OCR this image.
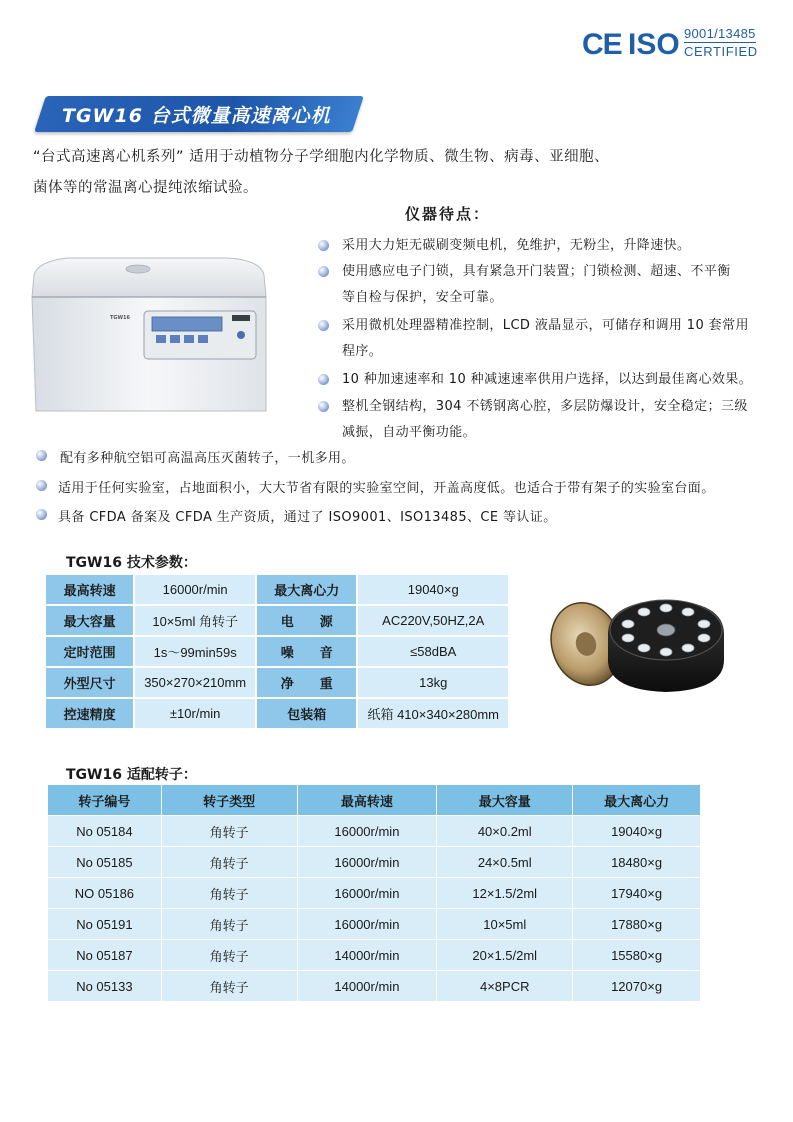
CE ISO 9001/13485
CERTIFIED
TGW16 台式微量高速离心机
“台式高速离心机系列” 适用于动植物分子学细胞内化学物质、微生物、病毒、亚细胞、
菌体等的常温离心提纯浓缩试验。
仪器待点：
TGW16
采用大力矩无碳刷变频电机，免维护，无粉尘，升降速快。
使用感应电子门锁，具有紧急开门装置；门锁检测、超速、不平衡
等自检与保护，安全可靠。
采用微机处理器精准控制，LCD 液晶显示，可储存和调用 10 套常用
程序。
10 种加速速率和 10 种减速速率供用户选择，以达到最佳离心效果。
整机全钢结构，304 不锈钢离心腔，多层防爆设计，安全稳定；三级
减振，自动平衡功能。
配有多种航空铝可高温高压灭菌转子，一机多用。
适用于任何实验室，占地面积小，大大节省有限的实验室空间，开盖高度低。也适合于带有架子的实验室台面。
具备 CFDA 备案及 CFDA 生产资质，通过了 ISO9001、ISO13485、CE 等认证。
TGW16 技术参数：
最高转速	16000r/min	最大离心力	19040×g
最大容量	10×5ml 角转子	电　　源	AC220V,50HZ,2A
定时范围	1s～99min59s	噪　　音	≤58dBA
外型尺寸	350×270×210mm	净　　重	13kg
控速精度	±10r/min	包装箱	纸箱 410×340×280mm
TGW16 适配转子：
转子编号	转子类型	最高转速	最大容量	最大离心力
No 05184	角转子	16000r/min	40×0.2ml	19040×g
No 05185	角转子	16000r/min	24×0.5ml	18480×g
NO 05186	角转子	16000r/min	12×1.5/2ml	17940×g
No 05191	角转子	16000r/min	10×5ml	17880×g
No 05187	角转子	14000r/min	20×1.5/2ml	15580×g
No 05133	角转子	14000r/min	4×8PCR	12070×g
